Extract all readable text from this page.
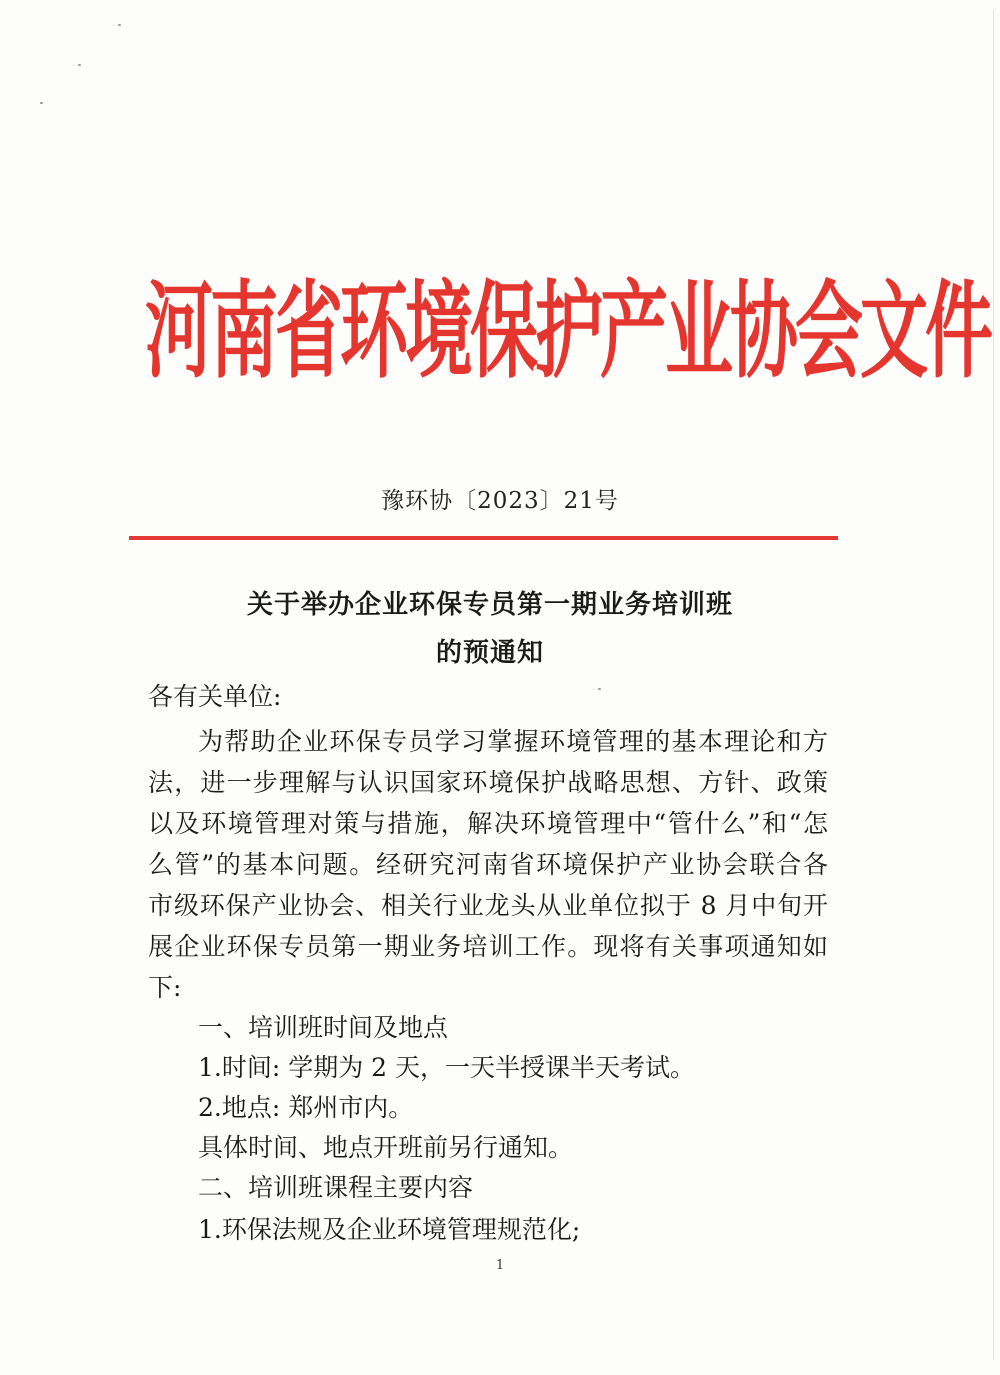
河南省环境保护产业协会文件
豫环协〔2023〕21号
关于举办企业环保专员第一期业务培训班
的预通知
各有关单位:
为帮助企业环保专员学习掌握环境管理的基本理论和方
法，进一步理解与认识国家环境保护战略思想、方针、政策
以及环境管理对策与措施，解决环境管理中“管什么”和“怎
么管”的基本问题。经研究河南省环境保护产业协会联合各
市级环保产业协会、相关行业龙头从业单位拟于 8 月中旬开
展企业环保专员第一期业务培训工作。现将有关事项通知如
下:
一、培训班时间及地点
1.时间: 学期为 2 天，一天半授课半天考试。
2.地点: 郑州市内。
具体时间、地点开班前另行通知。
二、培训班课程主要内容
1.环保法规及企业环境管理规范化;
1
